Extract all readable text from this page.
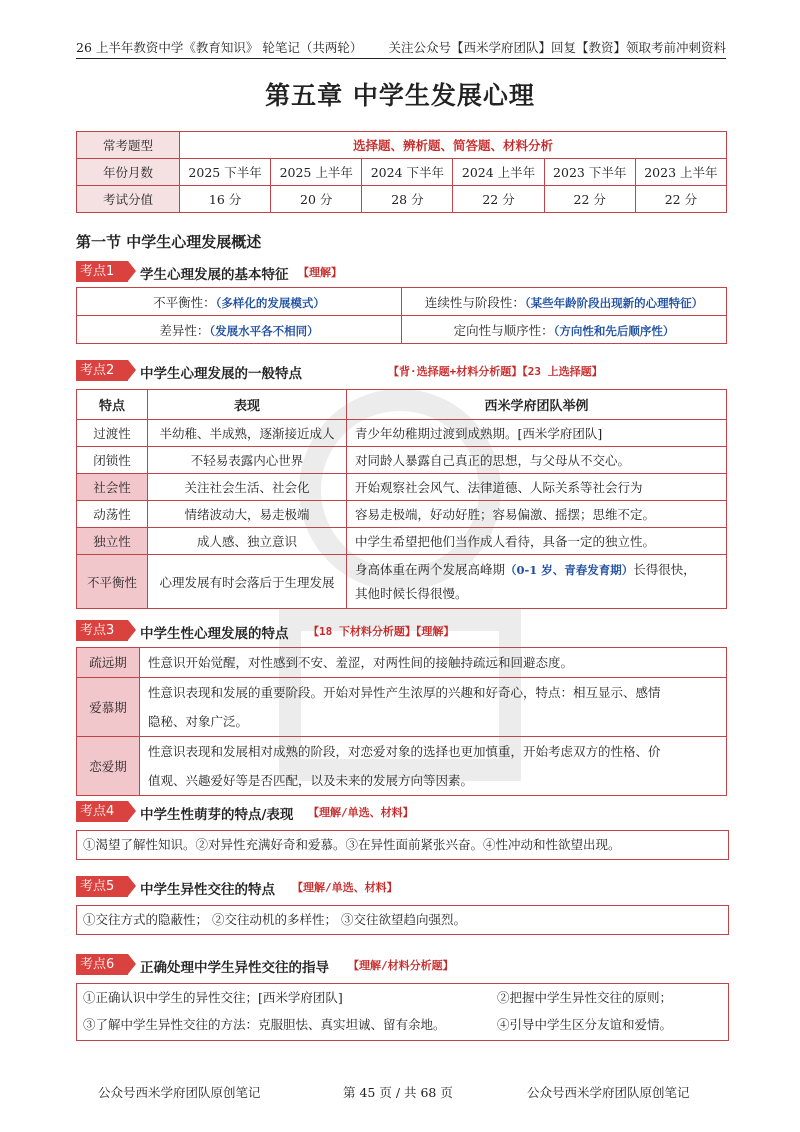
26 上半年教资中学《教育知识》 轮笔记（共两轮） 关注公众号【西米学府团队】回复【教资】领取考前冲刺资料
第五章 中学生发展心理
常考题型	选择题、辨析题、简答题、材料分析					
年份月数	2025 下半年	2025 上半年	2024 下半年	2024 上半年	2023 下半年	2023 上半年
考试分值	16 分	20 分	28 分	22 分	22 分	22 分
第一节 中学生心理发展概述
考点1	学生心理发展的基本特征 【理解】
不平衡性：（多样化的发展模式）	连续性与阶段性：（某些年龄阶段出现新的心理特征）
差异性：（发展水平各不相同）	定向性与顺序性：（方向性和先后顺序性）
考点2	中学生心理发展的一般特点	【背·选择题+材料分析题】【23 上选择题】
特点	表现	西米学府团队举例
过渡性	半幼稚、半成熟，逐渐接近成人	青少年幼稚期过渡到成熟期。[西米学府团队]
闭锁性	不轻易表露内心世界	对同龄人暴露自己真正的思想，与父母从不交心。
社会性	关注社会生活、社会化	开始观察社会风气、法律道德、人际关系等社会行为
动荡性	情绪波动大，易走极端	容易走极端，好动好胜；容易偏激、摇摆；思维不定。
独立性	成人感、独立意识	中学生希望把他们当作成人看待，具备一定的独立性。
不平衡性	心理发展有时会落后于生理发展	身高体重在两个发展高峰期（0-1 岁、青春发育期）长得很快，
其他时候长得很慢。
考点3	中学生性心理发展的特点 【18 下材料分析题】【理解】
疏远期	性意识开始觉醒，对性感到不安、羞涩，对两性间的接触持疏远和回避态度。
爱慕期	性意识表现和发展的重要阶段。开始对异性产生浓厚的兴趣和好奇心，特点：相互显示、感情
隐秘、对象广泛。
恋爱期	性意识表现和发展相对成熟的阶段，对恋爱对象的选择也更加慎重，开始考虑双方的性格、价
值观、兴趣爱好等是否匹配，以及未来的发展方向等因素。
考点4	中学生性萌芽的特点/表现 【理解/单选、材料】
①渴望了解性知识。②对异性充满好奇和爱慕。③在异性面前紧张兴奋。④性冲动和性欲望出现。
考点5	中学生异性交往的特点 【理解/单选、材料】
①交往方式的隐蔽性； ②交往动机的多样性； ③交往欲望趋向强烈。
考点6	正确处理中学生异性交往的指导 【理解/材料分析题】
①正确认识中学生的异性交往；[西米学府团队]	②把握中学生异性交往的原则；
③了解中学生异性交往的方法：克服胆怯、真实坦诚、留有余地。	④引导中学生区分友谊和爱情。
公众号西米学府团队原创笔记	第 45 页 / 共 68 页	公众号西米学府团队原创笔记
